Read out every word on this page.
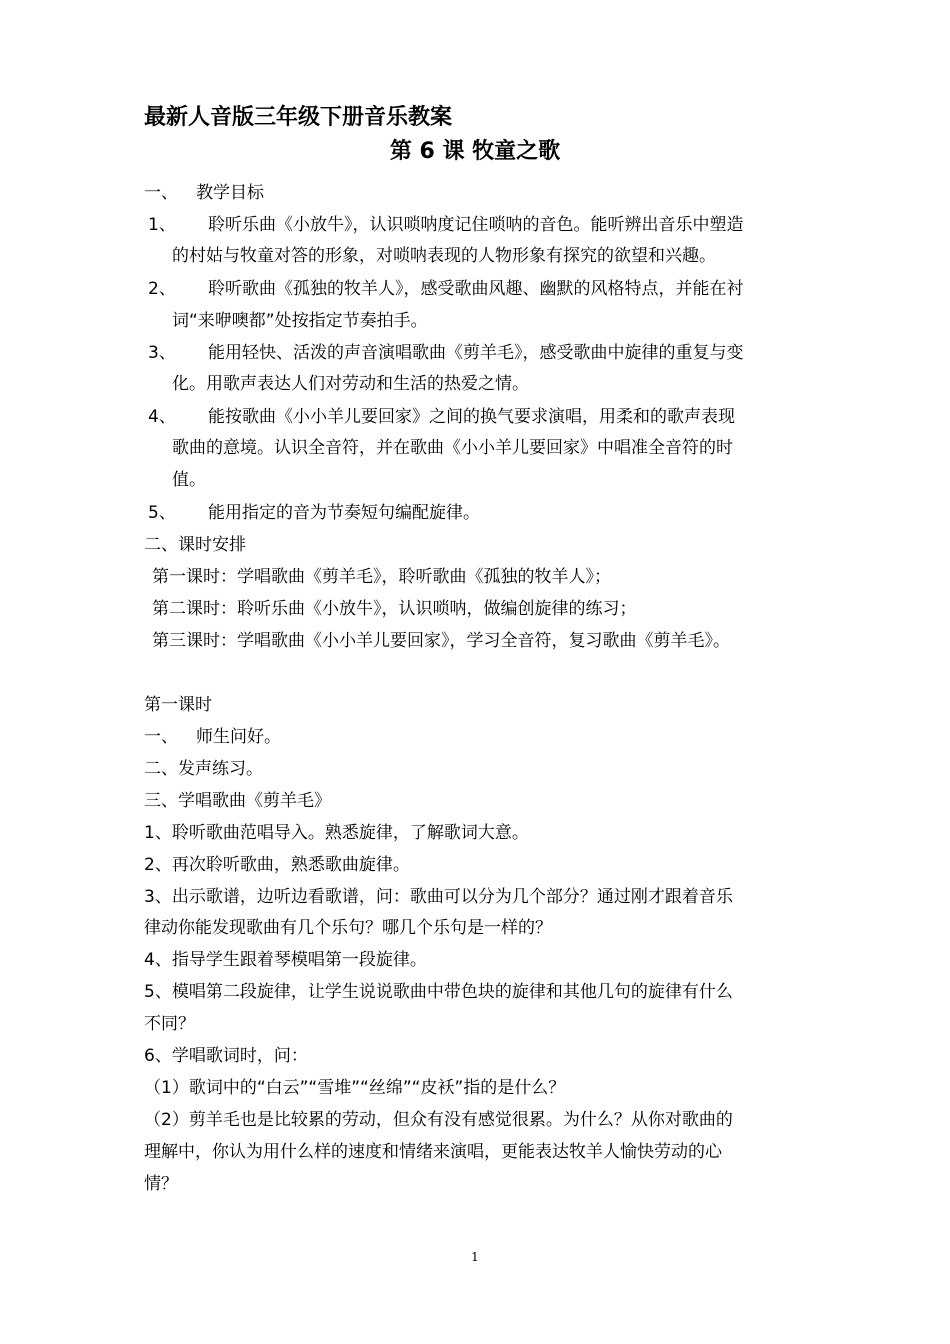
最新人音版三年级下册音乐教案
第 6 课 牧童之歌
一、 教学目标
1、 聆听乐曲《小放牛》，认识唢呐度记住唢呐的音色。能听辨出音乐中塑造
的村姑与牧童对答的形象，对唢呐表现的人物形象有探究的欲望和兴趣。
2、 聆听歌曲《孤独的牧羊人》，感受歌曲风趣、幽默的风格特点，并能在衬
词“来咿噢都”处按指定节奏拍手。
3、 能用轻快、活泼的声音演唱歌曲《剪羊毛》，感受歌曲中旋律的重复与变
化。用歌声表达人们对劳动和生活的热爱之情。
4、 能按歌曲《小小羊儿要回家》之间的换气要求演唱，用柔和的歌声表现
歌曲的意境。认识全音符，并在歌曲《小小羊儿要回家》中唱准全音符的时
值。
5、 能用指定的音为节奏短句编配旋律。
二、课时安排
第一课时：学唱歌曲《剪羊毛》，聆听歌曲《孤独的牧羊人》；
第二课时：聆听乐曲《小放牛》，认识唢呐，做编创旋律的练习；
第三课时：学唱歌曲《小小羊儿要回家》，学习全音符，复习歌曲《剪羊毛》。
第一课时
一、 师生问好。
二、发声练习。
三、学唱歌曲《剪羊毛》
1、聆听歌曲范唱导入。熟悉旋律，了解歌词大意。
2、再次聆听歌曲，熟悉歌曲旋律。
3、出示歌谱，边听边看歌谱，问：歌曲可以分为几个部分？通过刚才跟着音乐
律动你能发现歌曲有几个乐句？哪几个乐句是一样的？
4、指导学生跟着琴模唱第一段旋律。
5、模唱第二段旋律，让学生说说歌曲中带色块的旋律和其他几句的旋律有什么
不同？
6、学唱歌词时，问：
（1）歌词中的“白云”“雪堆”“丝绵”“皮袄”指的是什么？
（2）剪羊毛也是比较累的劳动，但众有没有感觉很累。为什么？从你对歌曲的
理解中，你认为用什么样的速度和情绪来演唱，更能表达牧羊人愉快劳动的心
情？
1
